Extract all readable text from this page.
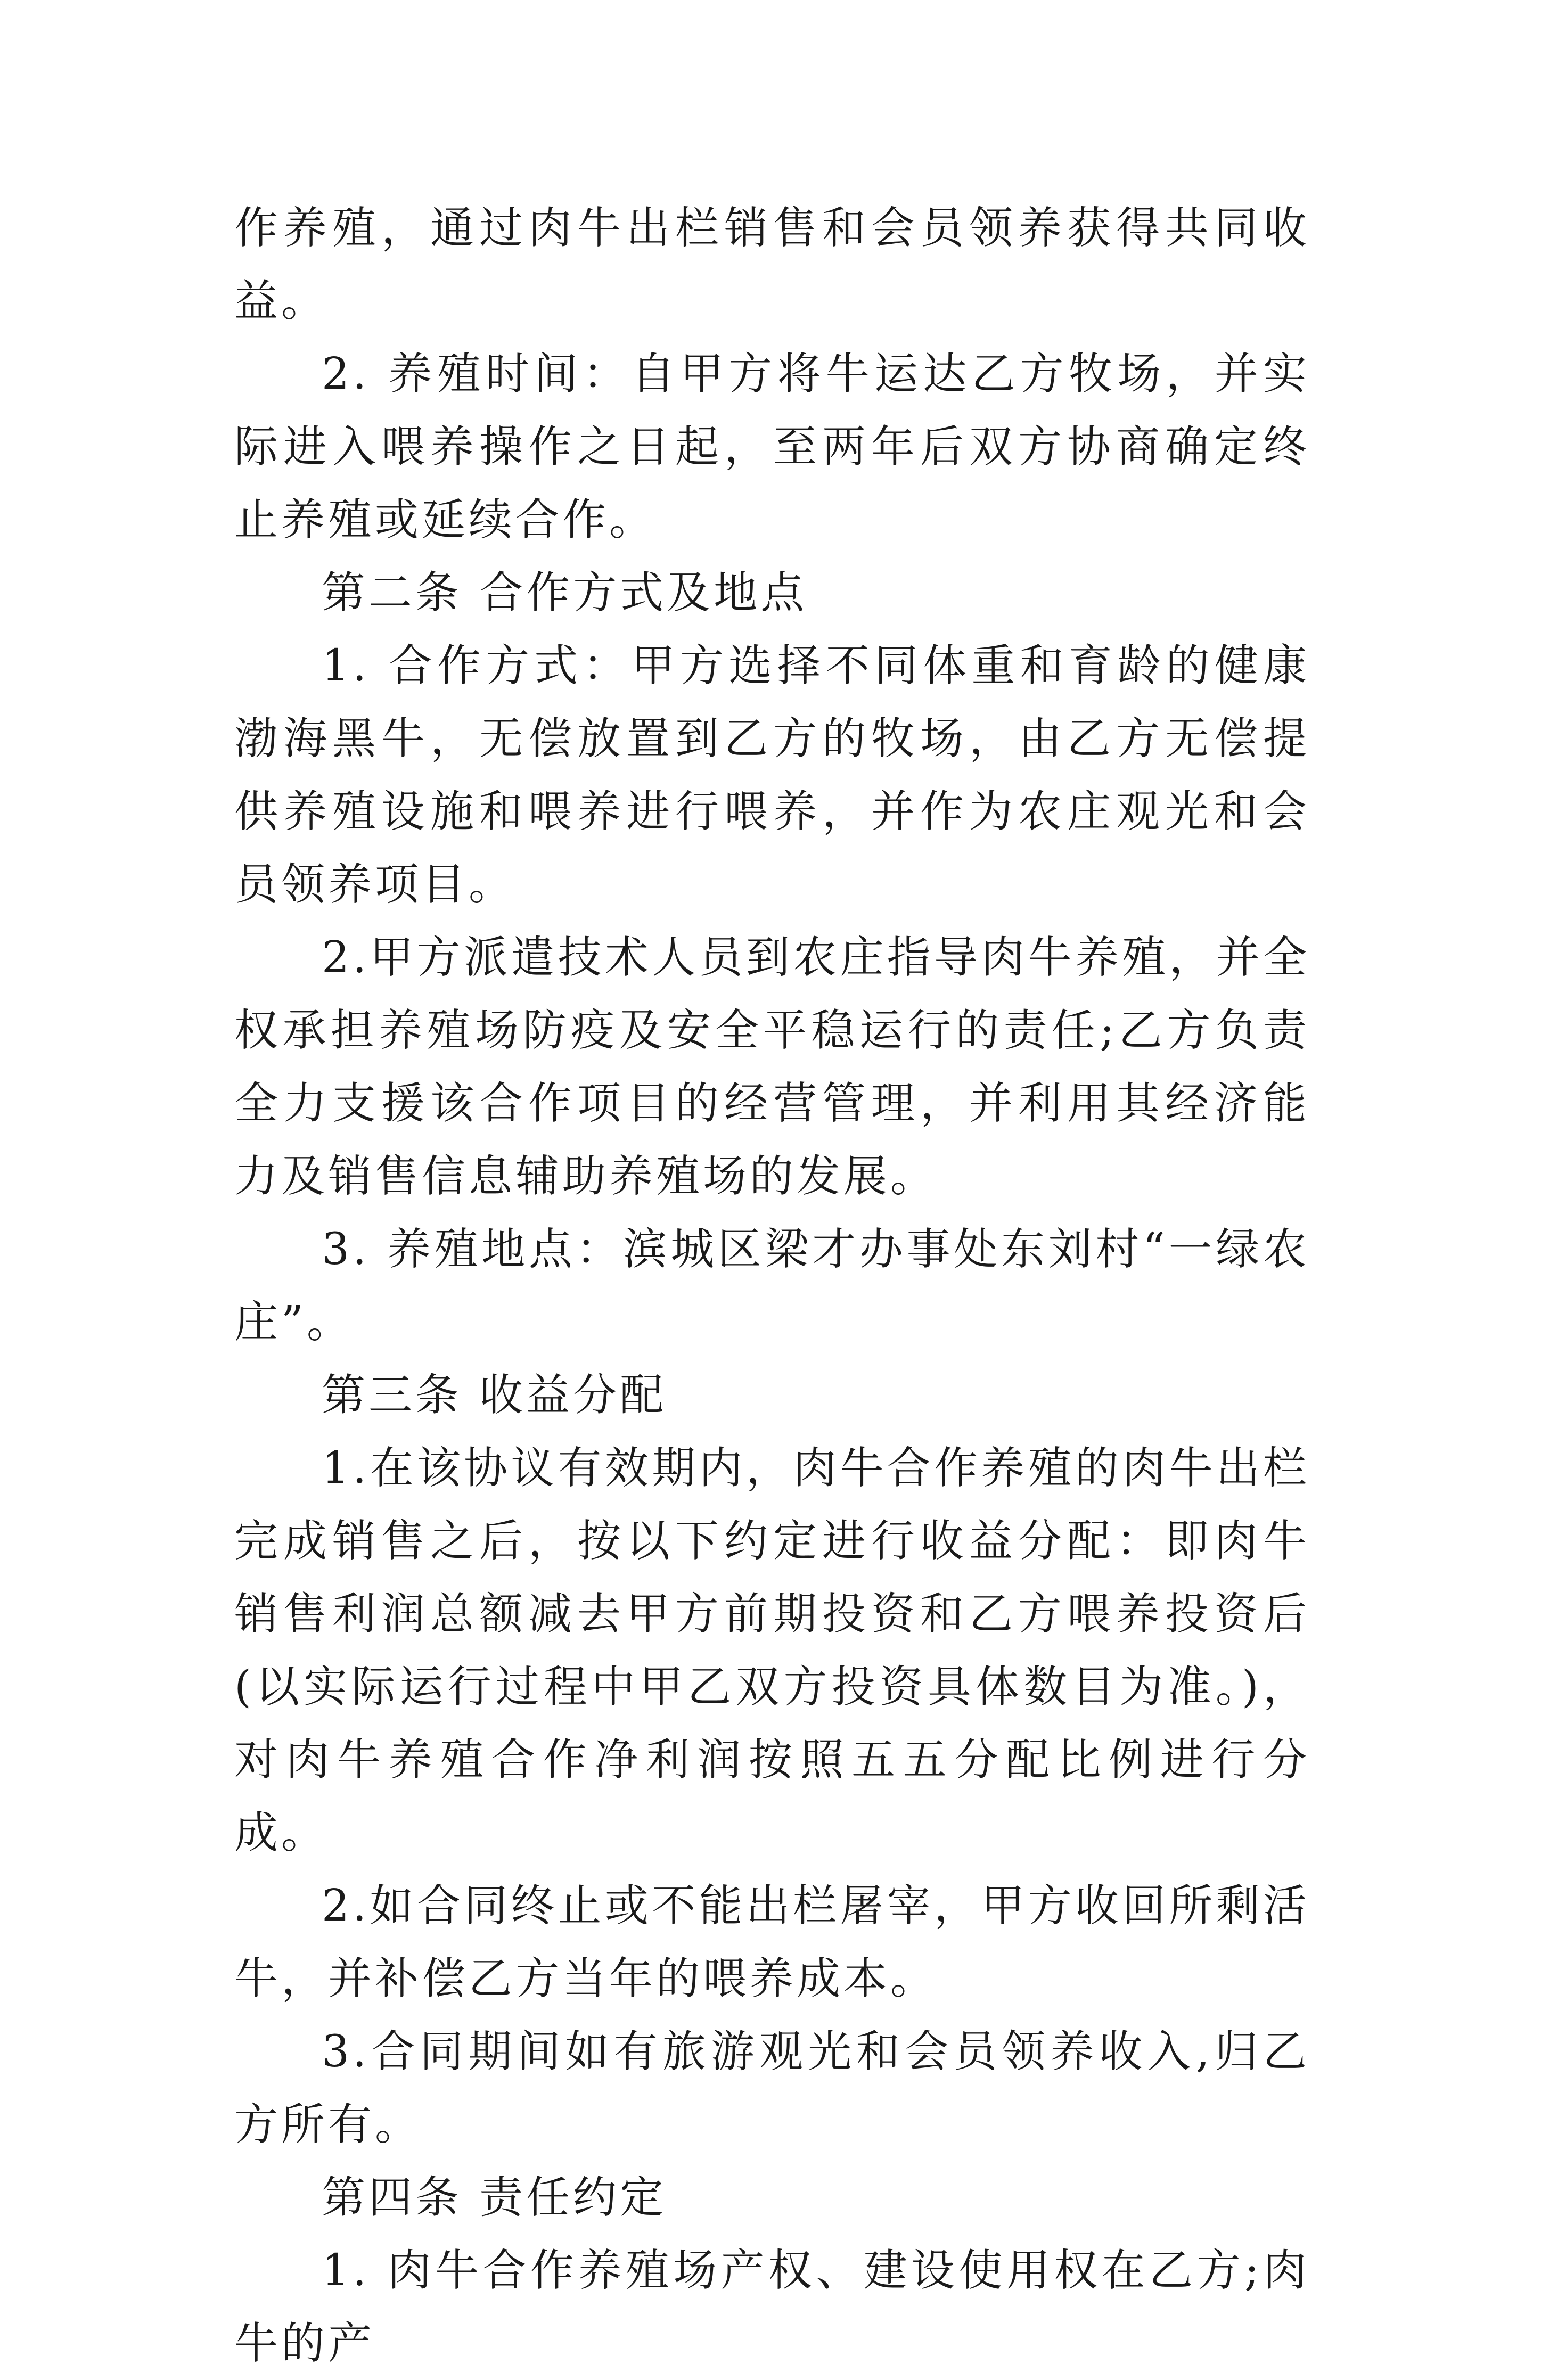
作养殖，通过肉牛出栏销售和会员领养获得共同收益。

2. 养殖时间：自甲方将牛运达乙方牧场，并实际进入喂养操作之日起，至两年后双方协商确定终止养殖或延续合作。

第二条 合作方式及地点

1. 合作方式：甲方选择不同体重和育龄的健康渤海黑牛，无偿放置到乙方的牧场，由乙方无偿提供养殖设施和喂养进行喂养，并作为农庄观光和会员领养项目。

2.甲方派遣技术人员到农庄指导肉牛养殖，并全权承担养殖场防疫及安全平稳运行的责任;乙方负责全力支援该合作项目的经营管理，并利用其经济能力及销售信息辅助养殖场的发展。

3. 养殖地点：滨城区梁才办事处东刘村“一绿农庄”。

第三条 收益分配

1.在该协议有效期内，肉牛合作养殖的肉牛出栏完成销售之后，按以下约定进行收益分配：即肉牛销售利润总额减去甲方前期投资和乙方喂养投资后(以实际运行过程中甲乙双方投资具体数目为准。)，对肉牛养殖合作净利润按照五五分配比例进行分成。

2.如合同终止或不能出栏屠宰，甲方收回所剩活牛，并补偿乙方当年的喂养成本。

3.合同期间如有旅游观光和会员领养收入,归乙方所有。

第四条 责任约定

1. 肉牛合作养殖场产权、建设使用权在乙方;肉牛的产
